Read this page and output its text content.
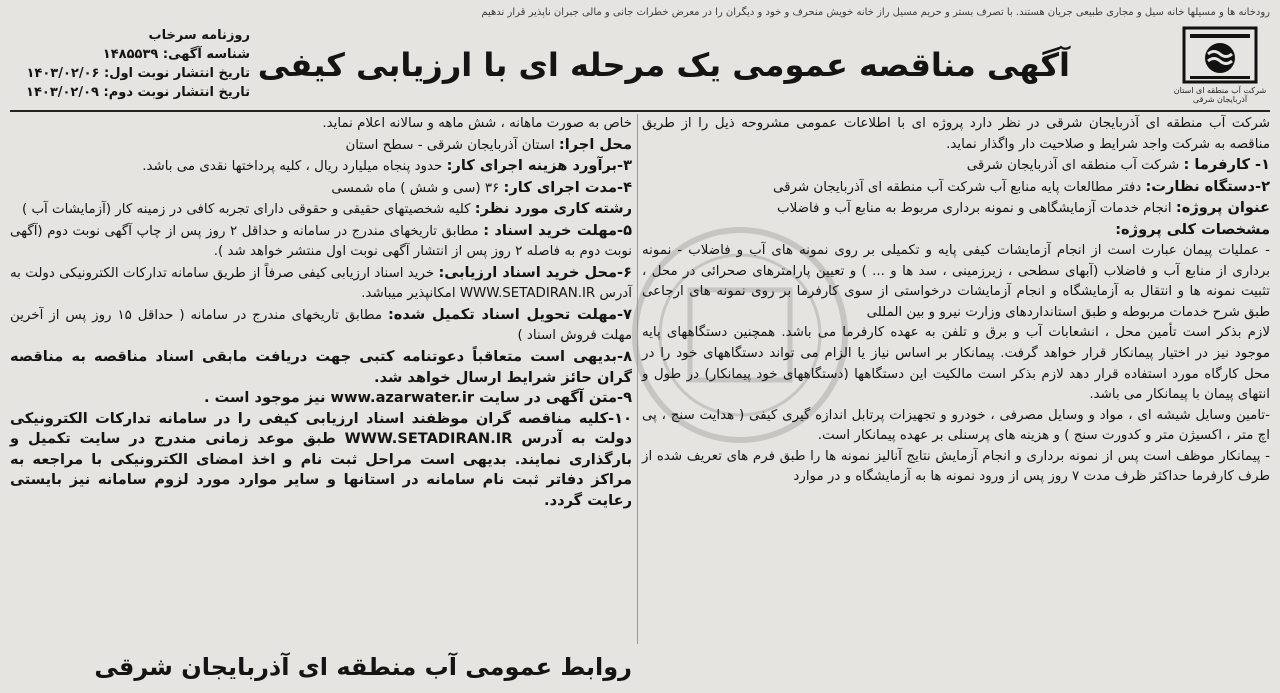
رودخانه ها و مسیلها خانه سیل و مجاری طبیعی جریان هستند. با تصرف بستر و حریم مسیل راز خانه خویش منحرف و خود و دیگران را در معرض خطرات جانی و مالی جبران ناپذیر قرار ندهیم
شرکت آب منطقه ای استان آذربایجان شرقی
آگهی مناقصه عمومی یک مرحله ای با ارزیابی کیفی
روزنامه سرخاب
شناسه آگهی: ۱۴۸۵۵۳۹
تاریخ انتشار نوبت اول: ۱۴۰۳/۰۲/۰۶
تاریخ انتشار نوبت دوم: ۱۴۰۳/۰۲/۰۹

شرکت آب منطقه ای آذربایجان شرقی در نظر دارد پروژه ای با اطلاعات عمومی مشروحه ذیل را از طریق مناقصه به شرکت واجد شرایط و صلاحیت دار واگذار نماید.

۱- کارفرما : شرکت آب منطقه ای آذربایجان شرقی

۲-دستگاه نظارت: دفتر مطالعات پایه منابع آب شرکت آب منطقه ای آذربایجان شرقی

عنوان پروژه: انجام خدمات آزمایشگاهی و نمونه برداری مربوط به منابع آب و فاضلاب

مشخصات کلی پروژه:

- عملیات پیمان عبارت است از انجام آزمایشات کیفی پایه و تکمیلی بر روی نمونه های آب و فاضلاب - نمونه برداری از منابع آب و فاضلاب (آبهای سطحی ، زیرزمینی ، سد ها و ... ) و تعیین پارامترهای صحرائی در محل ، تثبیت نمونه ها و انتقال به آزمایشگاه و انجام آزمایشات درخواستی از سوی کارفرما بر روی نمونه های ارجاعی طبق شرح خدمات مربوطه و طبق استانداردهای وزارت نیرو و بین المللی

لازم بذکر است تأمین محل ، انشعابات آب و برق و تلفن به عهده کارفرما می باشد. همچنین دستگاههای پایه موجود نیز در اختیار پیمانکار قرار خواهد گرفت. پیمانکار بر اساس نیاز یا الزام می تواند دستگاههای خود را در محل کارگاه مورد استفاده قرار دهد لازم بذکر است مالکیت این دستگاهها (دستگاههای خود پیمانکار) در طول و انتهای پیمان با پیمانکار می باشد.

-تامین وسایل شیشه ای ، مواد و وسایل مصرفی ، خودرو و تجهیزات پرتابل اندازه گیری کیفی ( هدایت سنج ، پی اچ متر ، اکسیژن متر و کدورت سنج ) و هزینه های پرسنلی بر عهده پیمانکار است.

- پیمانکار موظف است پس از نمونه برداری و انجام آزمایش نتایج آنالیز نمونه ها را طبق فرم های تعریف شده از طرف کارفرما حداکثر ظرف مدت ۷ روز پس از ورود نمونه ها به آزمایشگاه و در موارد

خاص به صورت ماهانه ، شش ماهه و سالانه اعلام نماید.

محل اجرا: استان آذربایجان شرقی - سطح استان

۳-برآورد هزینه اجرای کار: حدود پنجاه میلیارد ریال ، کلیه پرداختها نقدی می باشد.

۴-مدت اجرای کار: ۳۶ (سی و شش ) ماه شمسی

رشته کاری مورد نظر: کلیه شخصیتهای حقیقی و حقوقی دارای تجربه کافی در زمینه کار (آزمایشات آب )

۵-مهلت خرید اسناد : مطابق تاریخهای مندرج در سامانه و حداقل ۲ روز پس از چاپ آگهی نوبت دوم (آگهی نوبت دوم به فاصله ۲ روز پس از انتشار آگهی نوبت اول منتشر خواهد شد ).

۶-محل خرید اسناد ارزیابی: خرید اسناد ارزیابی کیفی صرفاً از طریق سامانه تدارکات الکترونیکی دولت به آدرس WWW.SETADIRAN.IR امکانپذیر میباشد.

۷-مهلت تحویل اسناد تکمیل شده: مطابق تاریخهای مندرج در سامانه ( حداقل ۱۵ روز پس از آخرین مهلت فروش اسناد )

۸-بدیهی است متعاقباً دعوتنامه کتبی جهت دریافت مابقی اسناد مناقصه به مناقصه گران حائز شرایط ارسال خواهد شد.

۹-متن آگهی در سایت www.azarwater.ir نیز موجود است .

۱۰-کلیه مناقصه گران موظفند اسناد ارزیابی کیفی را در سامانه تدارکات الکترونیکی دولت به آدرس WWW.SETADIRAN.IR طبق موعد زمانی مندرج در سایت تکمیل و بارگذاری نمایند. بدیهی است مراحل ثبت نام و اخذ امضای الکترونیکی با مراجعه به مراکز دفاتر ثبت نام سامانه در استانها و سایر موارد مورد لزوم سامانه نیز بایستی رعایت گردد.

روابط عمومی آب منطقه ای آذربایجان شرقی
